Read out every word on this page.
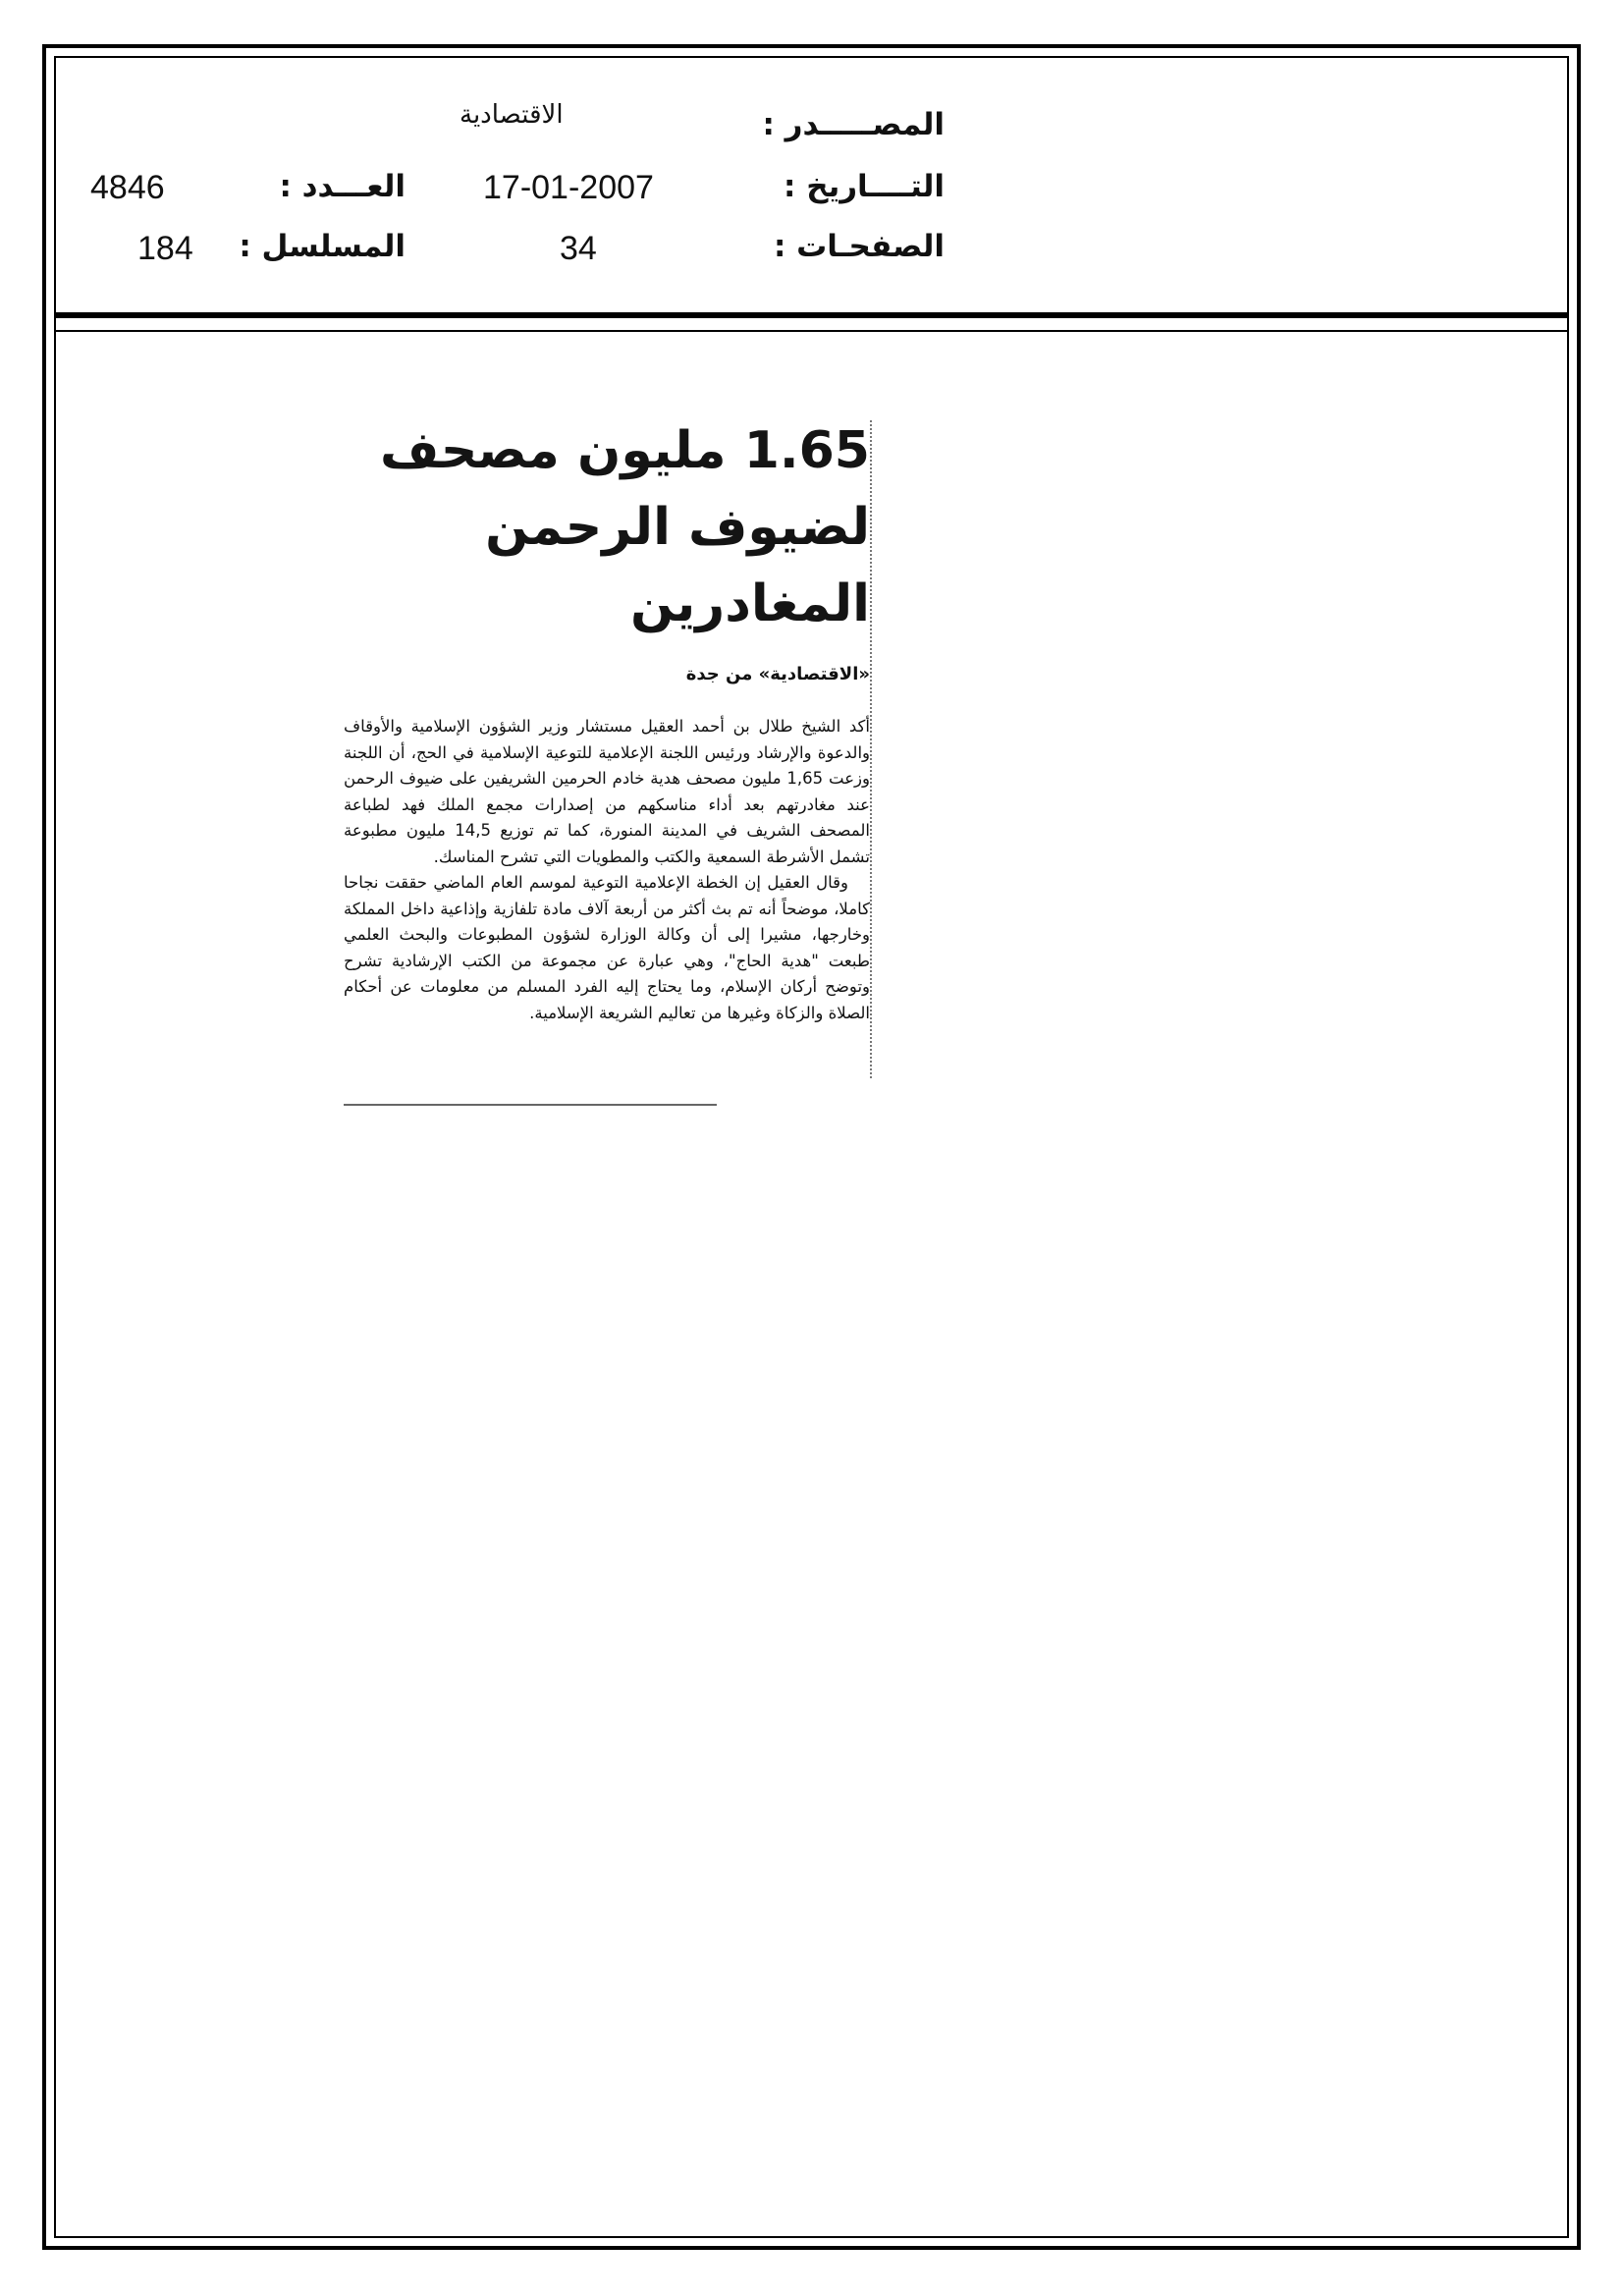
المصـــــدر :
الاقتصادية
التــــاريخ :
17-01-2007
العـــدد :
4846
الصفحـات :
34
المسلسل :
184
1.65 مليون مصحف
لضيوف الرحمن المغادرين
«الاقتصادية» من جدة

أكد الشيخ طلال بن أحمد العقيل مستشار وزير الشؤون الإسلامية والأوقاف والدعوة والإرشاد ورئيس اللجنة الإعلامية للتوعية الإسلامية في الحج، أن اللجنة وزعت 1,65 مليون مصحف هدية خادم الحرمين الشريفين على ضيوف الرحمن عند مغادرتهم بعد أداء مناسكهم من إصدارات مجمع الملك فهد لطباعة المصحف الشريف في المدينة المنورة، كما تم توزيع 14,5 مليون مطبوعة تشمل الأشرطة السمعية والكتب والمطويات التي تشرح المناسك.

وقال العقيل إن الخطة الإعلامية التوعية لموسم العام الماضي حققت نجاحا كاملا، موضحاً أنه تم بث أكثر من أربعة آلاف مادة تلفازية وإذاعية داخل المملكة وخارجها، مشيرا إلى أن وكالة الوزارة لشؤون المطبوعات والبحث العلمي طبعت "هدية الحاج"، وهي عبارة عن مجموعة من الكتب الإرشادية تشرح وتوضح أركان الإسلام، وما يحتاج إليه الفرد المسلم من معلومات عن أحكام الصلاة والزكاة وغيرها من تعاليم الشريعة الإسلامية.
